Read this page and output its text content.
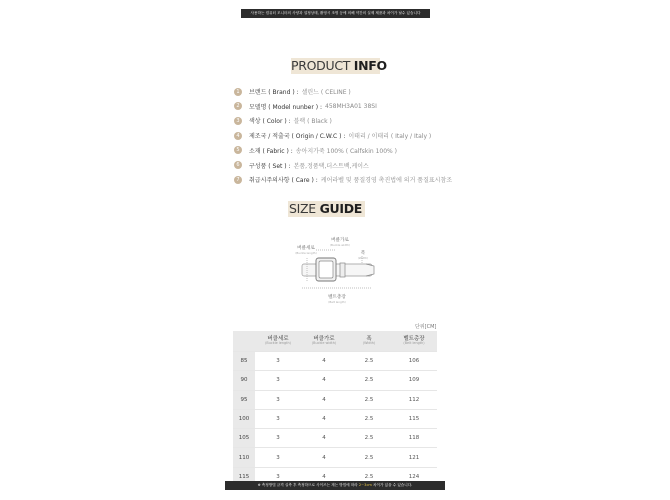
사용하는 컴퓨터 모니터의 사양과 설정상태, 촬영시 조명 등에 의해 약간의 실제 제품과 차이가 날수 있습니다
PRODUCT INFO
1	브랜드 ( Brand ) : 셀린느 ( CELINE )
2	모델명 ( Model nunber ) : 458MH3A01 38SI
3	색상 ( Color ) : 블랙 ( Black )
4	제조국 / 적출국 ( Origin / C.W.C ) : 이태리 / 이태리 ( Italy / Italy )
5	소재 ( Fabric ) : 송아지가죽 100% ( Calfskin 100% )
6	구성품 ( Set ) : 본품,정품택,더스트백,케이스
7	취급시주의사항 ( Care ) : 케어라벨 및 품질경영 촉진법에 의거 품질표시참조
SIZE GUIDE
버클가로
(Buckle width)
버클세로
(Buckle length)	폭
(Width)
벨트총장
(Belt length)
단위[CM]
	버클세로
(Buckle length)	버클가로
(Buckle width)	폭
(Width)	벨트총장
(Belt length)

85	3	4	2.5	106
90	3	4	2.5	109
95	3	4	2.5	112
100	3	4	2.5	115
105	3	4	2.5	118
110	3	4	2.5	121
115	3	4	2.5	124
※ 측정방법 규격 실측 후 측정하므로 사이즈는 재는 방법에 따라 2~3cm 차이가 있을 수 있습니다.
